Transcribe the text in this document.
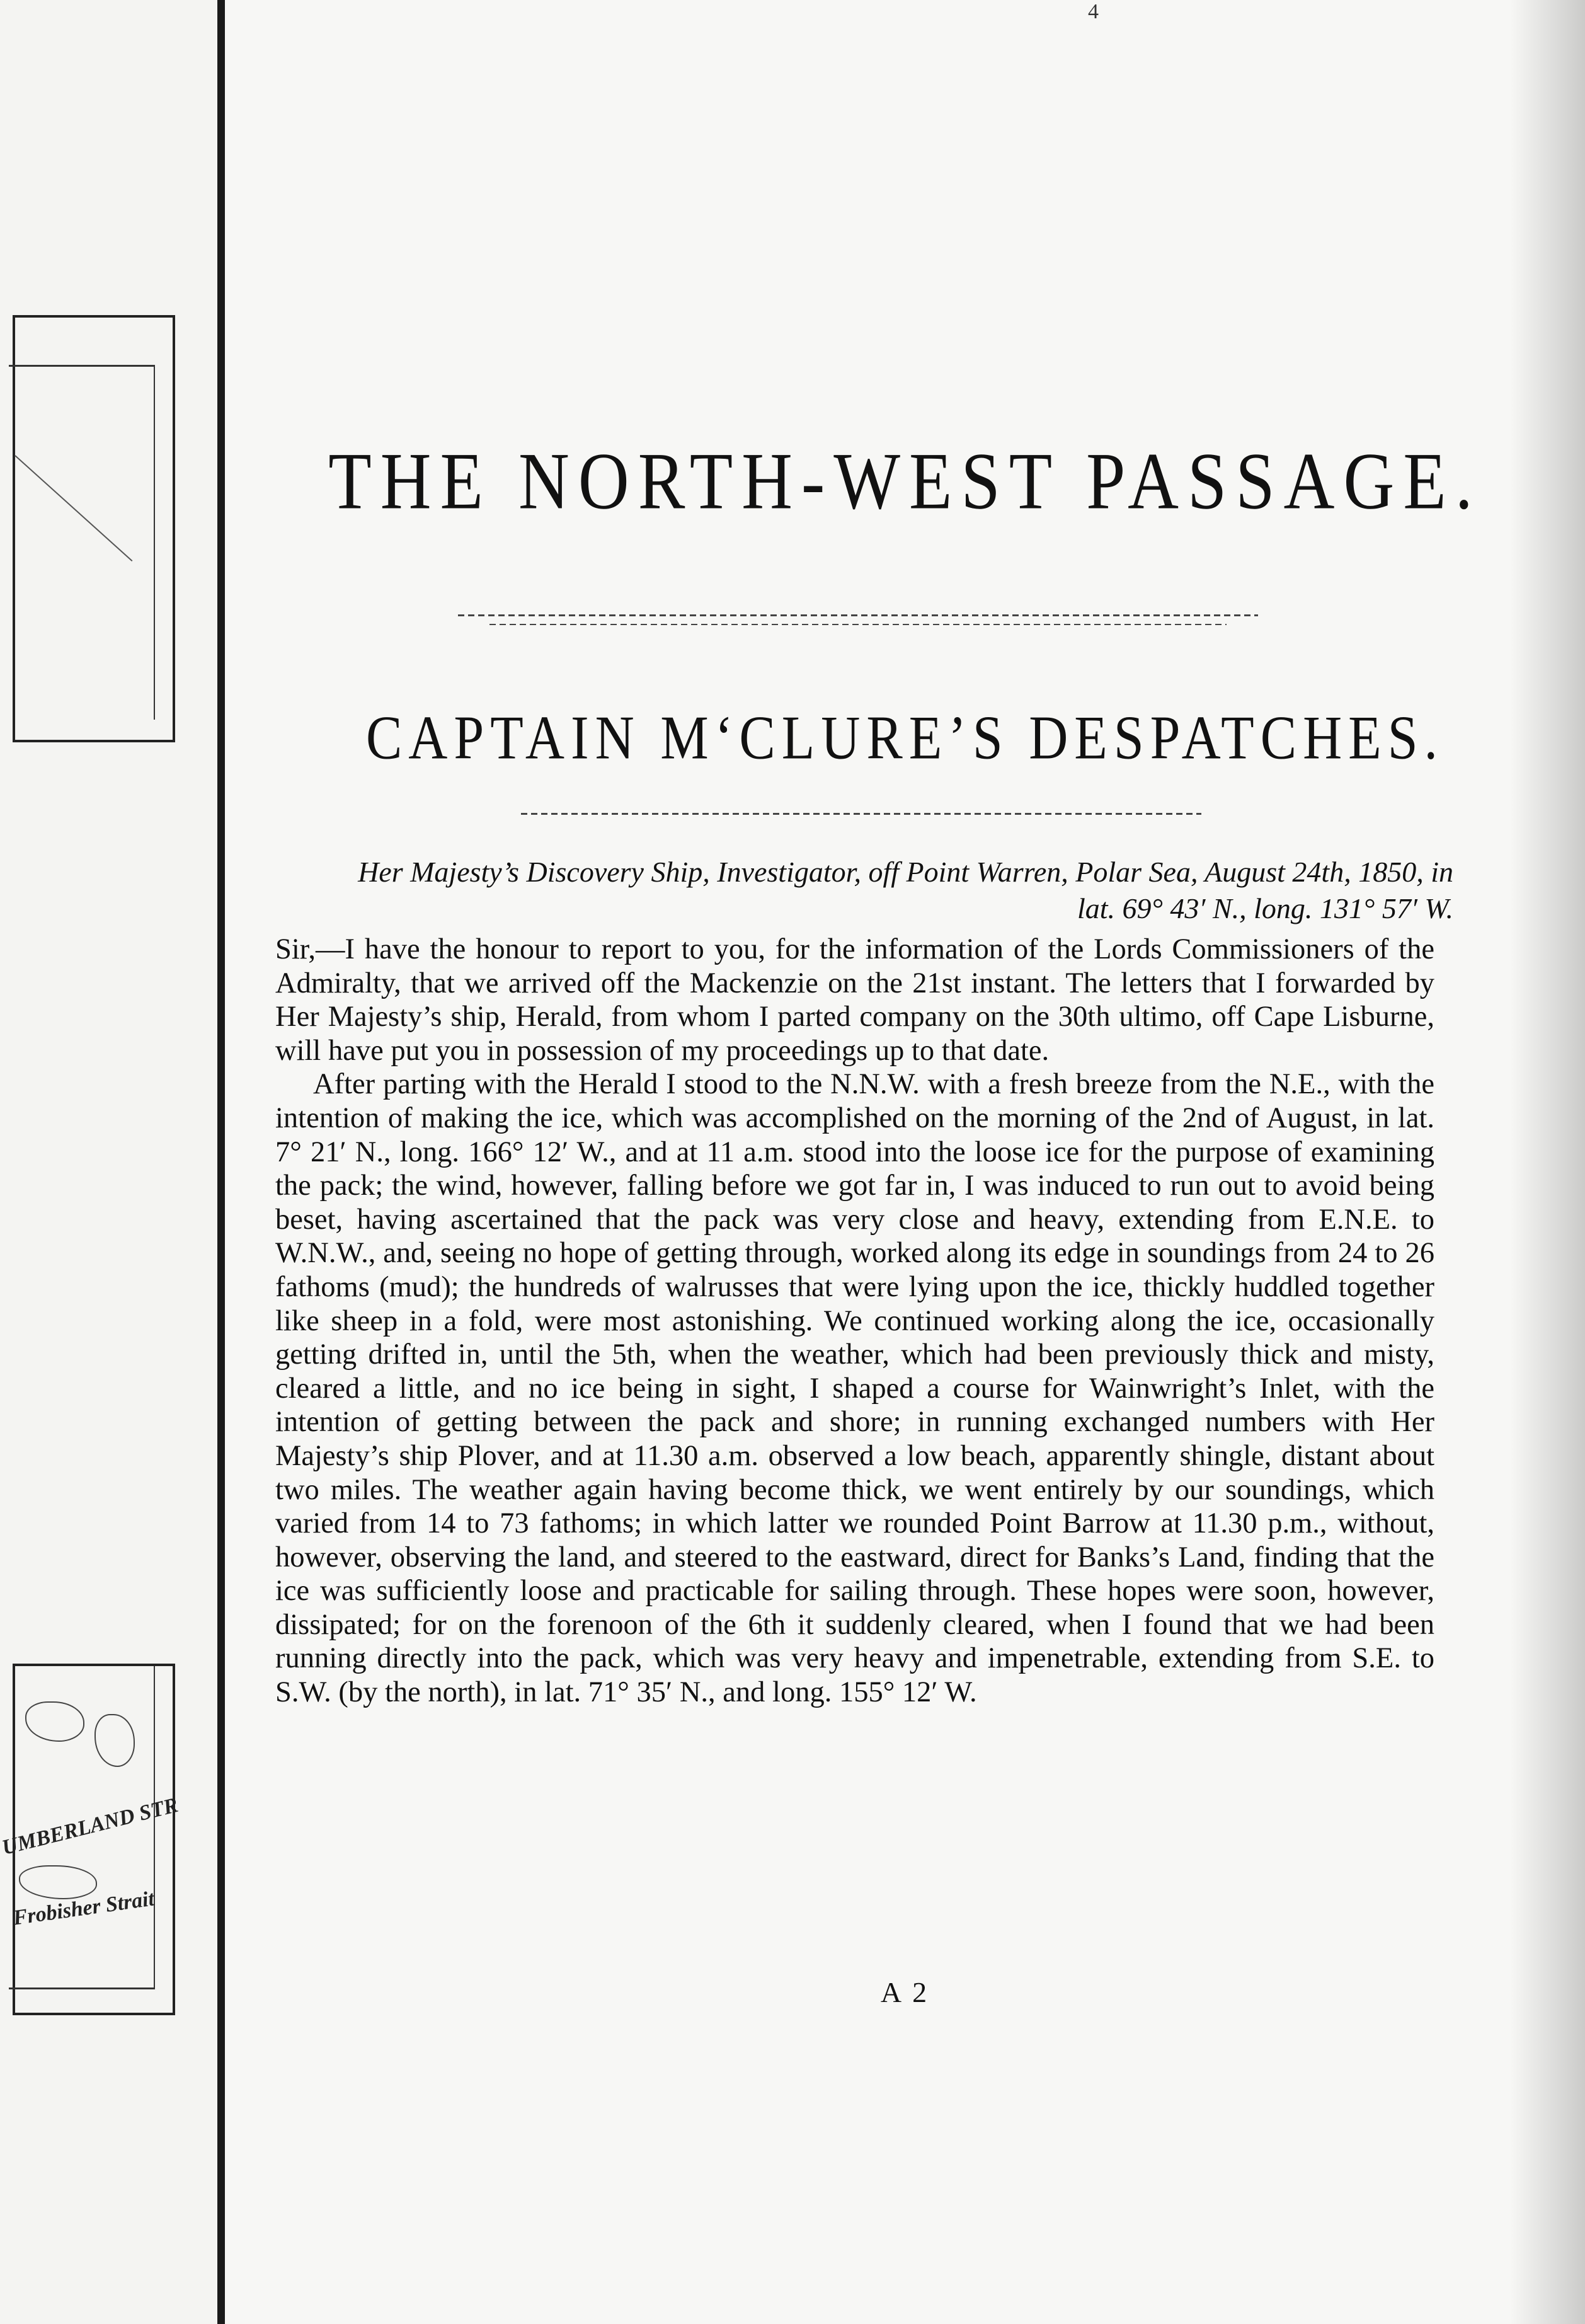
UMBERLAND STR
Frobisher Strait
4
THE NORTH-WEST PASSAGE.
CAPTAIN M‘CLURE’S DESPATCHES.
Her Majesty’s Discovery Ship, Investigator, off Point Warren, Polar Sea, August 24th, 1850, in lat. 69° 43′ N., long. 131° 57′ W.

Sir,—I have the honour to report to you, for the information of the Lords Commissioners of the Admiralty, that we arrived off the Mackenzie on the 21st instant. The letters that I forwarded by Her Majesty’s ship, Herald, from whom I parted company on the 30th ultimo, off Cape Lisburne, will have put you in possession of my proceedings up to that date.

After parting with the Herald I stood to the N.N.W. with a fresh breeze from the N.E., with the intention of making the ice, which was accomplished on the morning of the 2nd of August, in lat. 7° 21′ N., long. 166° 12′ W., and at 11 a.m. stood into the loose ice for the purpose of examining the pack; the wind, however, falling before we got far in, I was induced to run out to avoid being beset, having ascertained that the pack was very close and heavy, extending from E.N.E. to W.N.W., and, seeing no hope of getting through, worked along its edge in soundings from 24 to 26 fathoms (mud); the hundreds of walrusses that were lying upon the ice, thickly huddled together like sheep in a fold, were most astonishing. We continued working along the ice, occasionally getting drifted in, until the 5th, when the weather, which had been previously thick and misty, cleared a little, and no ice being in sight, I shaped a course for Wainwright’s Inlet, with the intention of getting between the pack and shore; in running exchanged numbers with Her Majesty’s ship Plover, and at 11.30 a.m. observed a low beach, apparently shingle, distant about two miles. The weather again having become thick, we went entirely by our soundings, which varied from 14 to 73 fathoms; in which latter we rounded Point Barrow at 11.30 p.m., without, however, observing the land, and steered to the eastward, direct for Banks’s Land, finding that the ice was sufficiently loose and practicable for sailing through. These hopes were soon, however, dissipated; for on the forenoon of the 6th it suddenly cleared, when I found that we had been running directly into the pack, which was very heavy and impenetrable, extending from S.E. to S.W. (by the north), in lat. 71° 35′ N., and long. 155° 12′ W.

A 2
